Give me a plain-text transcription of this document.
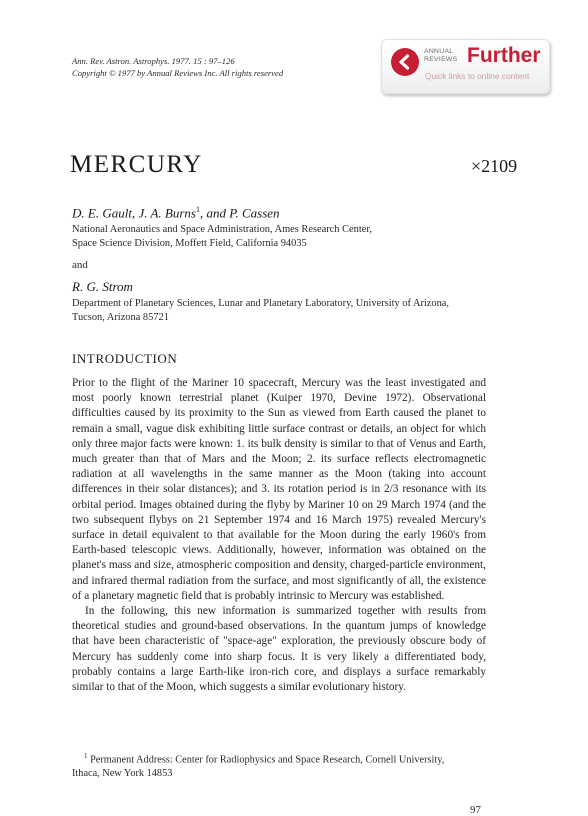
Ann. Rev. Astron. Astrophys. 1977. 15 : 97–126
Copyright © 1977 by Annual Reviews Inc. All rights reserved
ANNUAL
REVIEWS Further
Quick links to online content
MERCURY	×2109
D. E. Gault, J. A. Burns$^1$, and P. Cassen
National Aeronautics and Space Administration, Ames Research Center,
Space Science Division, Moffett Field, California 94035
and
R. G. Strom
Department of Planetary Sciences, Lunar and Planetary Laboratory, University of Arizona,
Tucson, Arizona 85721
INTRODUCTION

Prior to the flight of the Mariner 10 spacecraft, Mercury was the least investigated and most poorly known terrestrial planet (Kuiper 1970, Devine 1972). Observational difficulties caused by its proximity to the Sun as viewed from Earth caused the planet to remain a small, vague disk exhibiting little surface contrast or details, an object for which only three major facts were known: 1. its bulk density is similar to that of Venus and Earth, much greater than that of Mars and the Moon; 2. its surface reflects electromagnetic radiation at all wavelengths in the same manner as the Moon (taking into account differences in their solar distances); and 3. its rotation period is in 2/3 resonance with its orbital period. Images obtained during the flyby by Mariner 10 on 29 March 1974 (and the two subsequent flybys on 21 September 1974 and 16 March 1975) revealed Mercury's surface in detail equivalent to that available for the Moon during the early 1960's from Earth-based telescopic views. Additionally, however, information was obtained on the planet's mass and size, atmospheric composition and density, charged-particle environment, and infrared thermal radiation from the surface, and most significantly of all, the existence of a planetary magnetic field that is probably intrinsic to Mercury was established.

In the following, this new information is summarized together with results from theoretical studies and ground-based observations. In the quantum jumps of knowledge that have been characteristic of "space-age" exploration, the previously obscure body of Mercury has suddenly come into sharp focus. It is very likely a differentiated body, probably contains a large Earth-like iron-rich core, and displays a surface remarkably similar to that of the Moon, which suggests a similar evolutionary history.

$^1$ Permanent Address: Center for Radiophysics and Space Research, Cornell University,
Ithaca, New York 14853
97
